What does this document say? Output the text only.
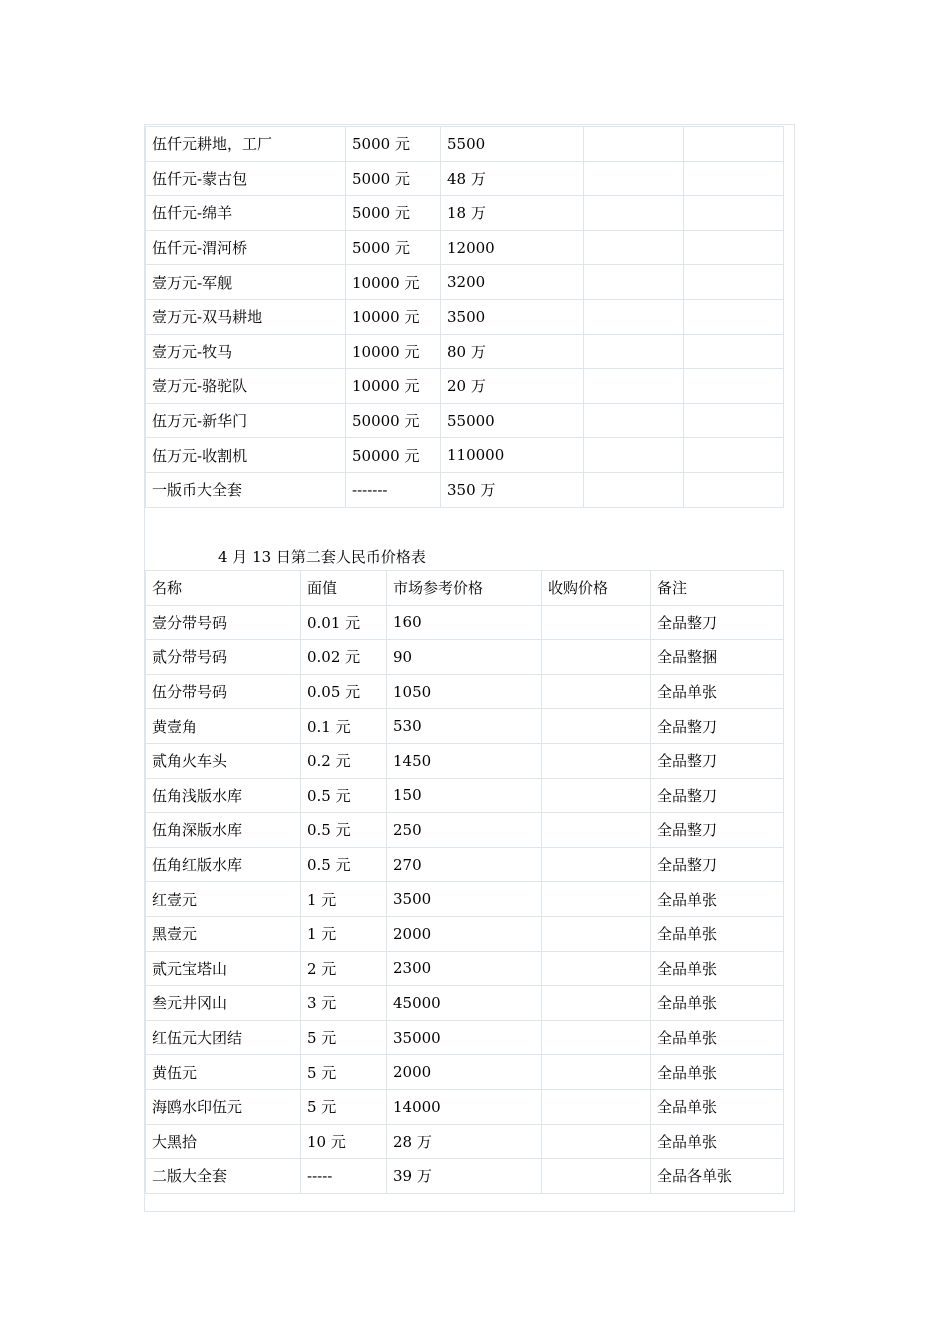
伍仟元耕地，工厂	5000 元	5500		
伍仟元-蒙古包	5000 元	48 万		
伍仟元-绵羊	5000 元	18 万		
伍仟元-渭河桥	5000 元	12000		
壹万元-军舰	10000 元	3200		
壹万元-双马耕地	10000 元	3500		
壹万元-牧马	10000 元	80 万		
壹万元-骆驼队	10000 元	20 万		
伍万元-新华门	50000 元	55000		
伍万元-收割机	50000 元	110000		
一版币大全套	-------	350 万		
4 月 13 日第二套人民币价格表
名称	面值	市场参考价格	收购价格	备注
壹分带号码	0.01 元	160		全品整刀
贰分带号码	0.02 元	90		全品整捆
伍分带号码	0.05 元	1050		全品单张
黄壹角	0.1 元	530		全品整刀
贰角火车头	0.2 元	1450		全品整刀
伍角浅版水库	0.5 元	150		全品整刀
伍角深版水库	0.5 元	250		全品整刀
伍角红版水库	0.5 元	270		全品整刀
红壹元	1 元	3500		全品单张
黑壹元	1 元	2000		全品单张
贰元宝塔山	2 元	2300		全品单张
叁元井冈山	3 元	45000		全品单张
红伍元大团结	5 元	35000		全品单张
黄伍元	5 元	2000		全品单张
海鸥水印伍元	5 元	14000		全品单张
大黑拾	10 元	28 万		全品单张
二版大全套	-----	39 万		全品各单张
